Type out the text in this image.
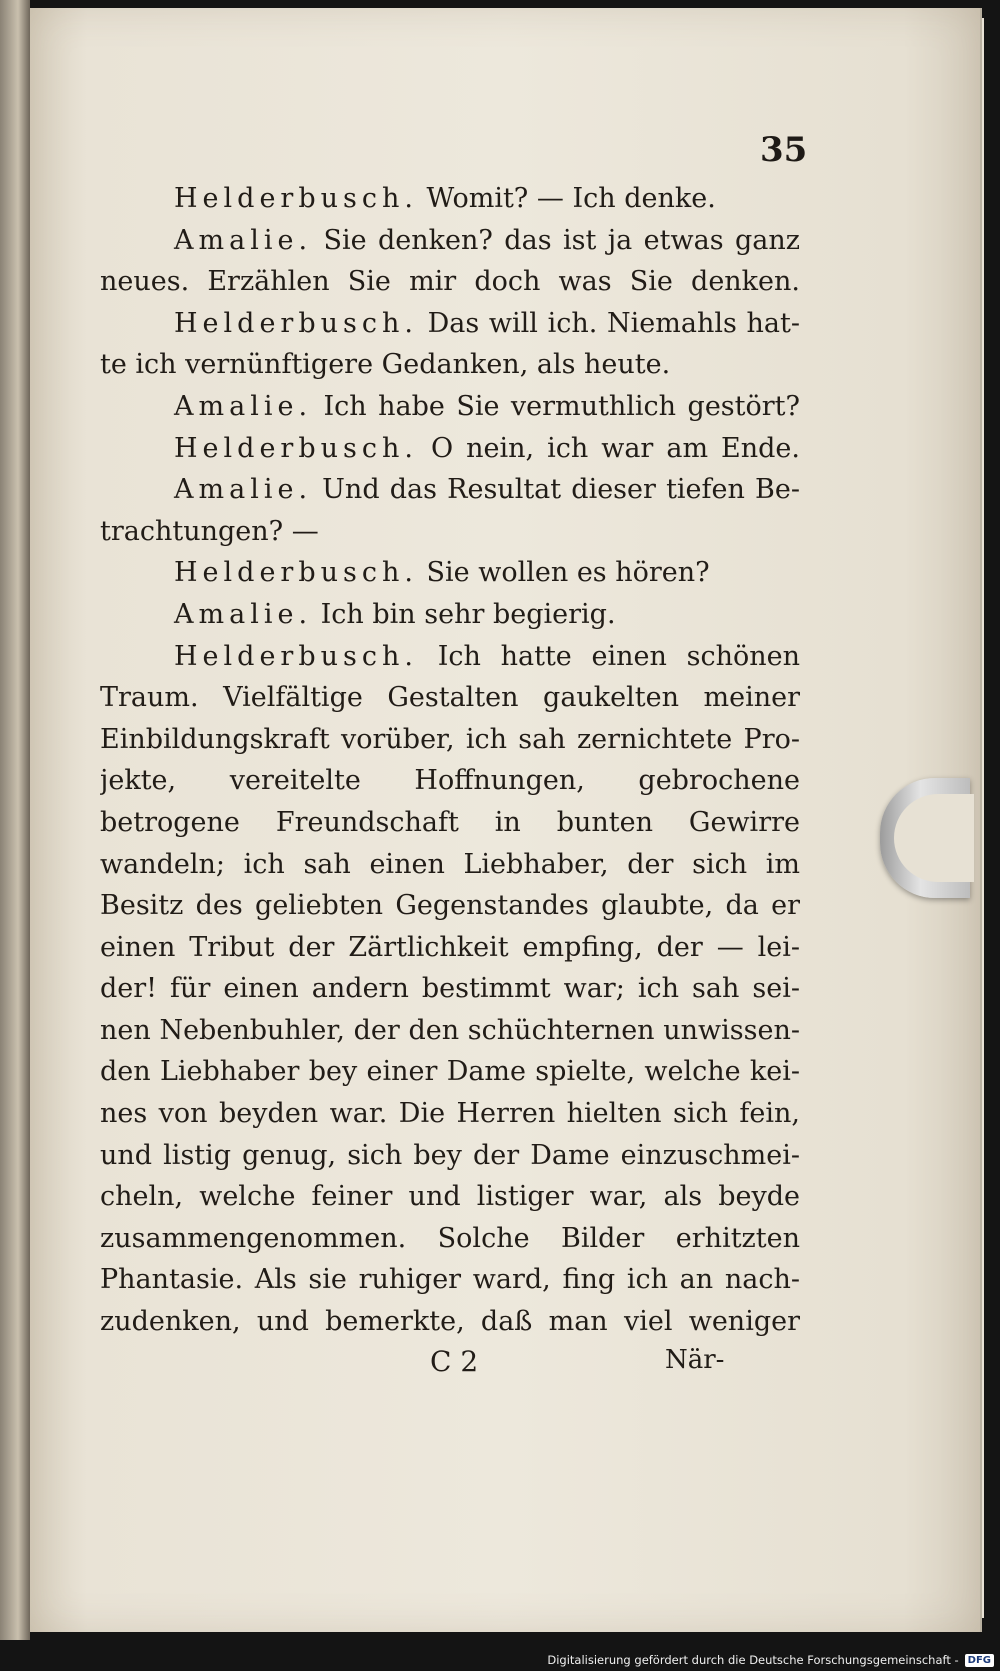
35
Helderbusch. Womit? — Ich denke.
Amalie. Sie denken? das ist ja etwas ganz
neues. Erzählen Sie mir doch was Sie denken.
Helderbusch. Das will ich. Niemahls hat-
te ich vernünftigere Gedanken, als heute.
Amalie. Ich habe Sie vermuthlich gestört?
Helderbusch. O nein, ich war am Ende.
Amalie. Und das Resultat dieser tiefen Be-
trachtungen? —
Helderbusch. Sie wollen es hören?
Amalie. Ich bin sehr begierig.
Helderbusch. Ich hatte einen schönen
Traum. Vielfältige Gestalten gaukelten meiner
Einbildungskraft vorüber, ich sah zernichtete Pro-
jekte, vereitelte Hoffnungen, gebrochene
betrogene Freundschaft in bunten Gewirre
wandeln; ich sah einen Liebhaber, der sich im
Besitz des geliebten Gegenstandes glaubte, da er
einen Tribut der Zärtlichkeit empfing, der — lei-
der! für einen andern bestimmt war; ich sah sei-
nen Nebenbuhler, der den schüchternen unwissen-
den Liebhaber bey einer Dame spielte, welche kei-
nes von beyden war. Die Herren hielten sich fein,
und listig genug, sich bey der Dame einzuschmei-
cheln, welche feiner und listiger war, als beyde
zusammengenommen. Solche Bilder erhitzten
Phantasie. Als sie ruhiger ward, fing ich an nach-
zudenken, und bemerkte, daß man viel weniger
C 2	När-
Digitalisierung gefördert durch die Deutsche Forschungsgemeinschaft - DFG
